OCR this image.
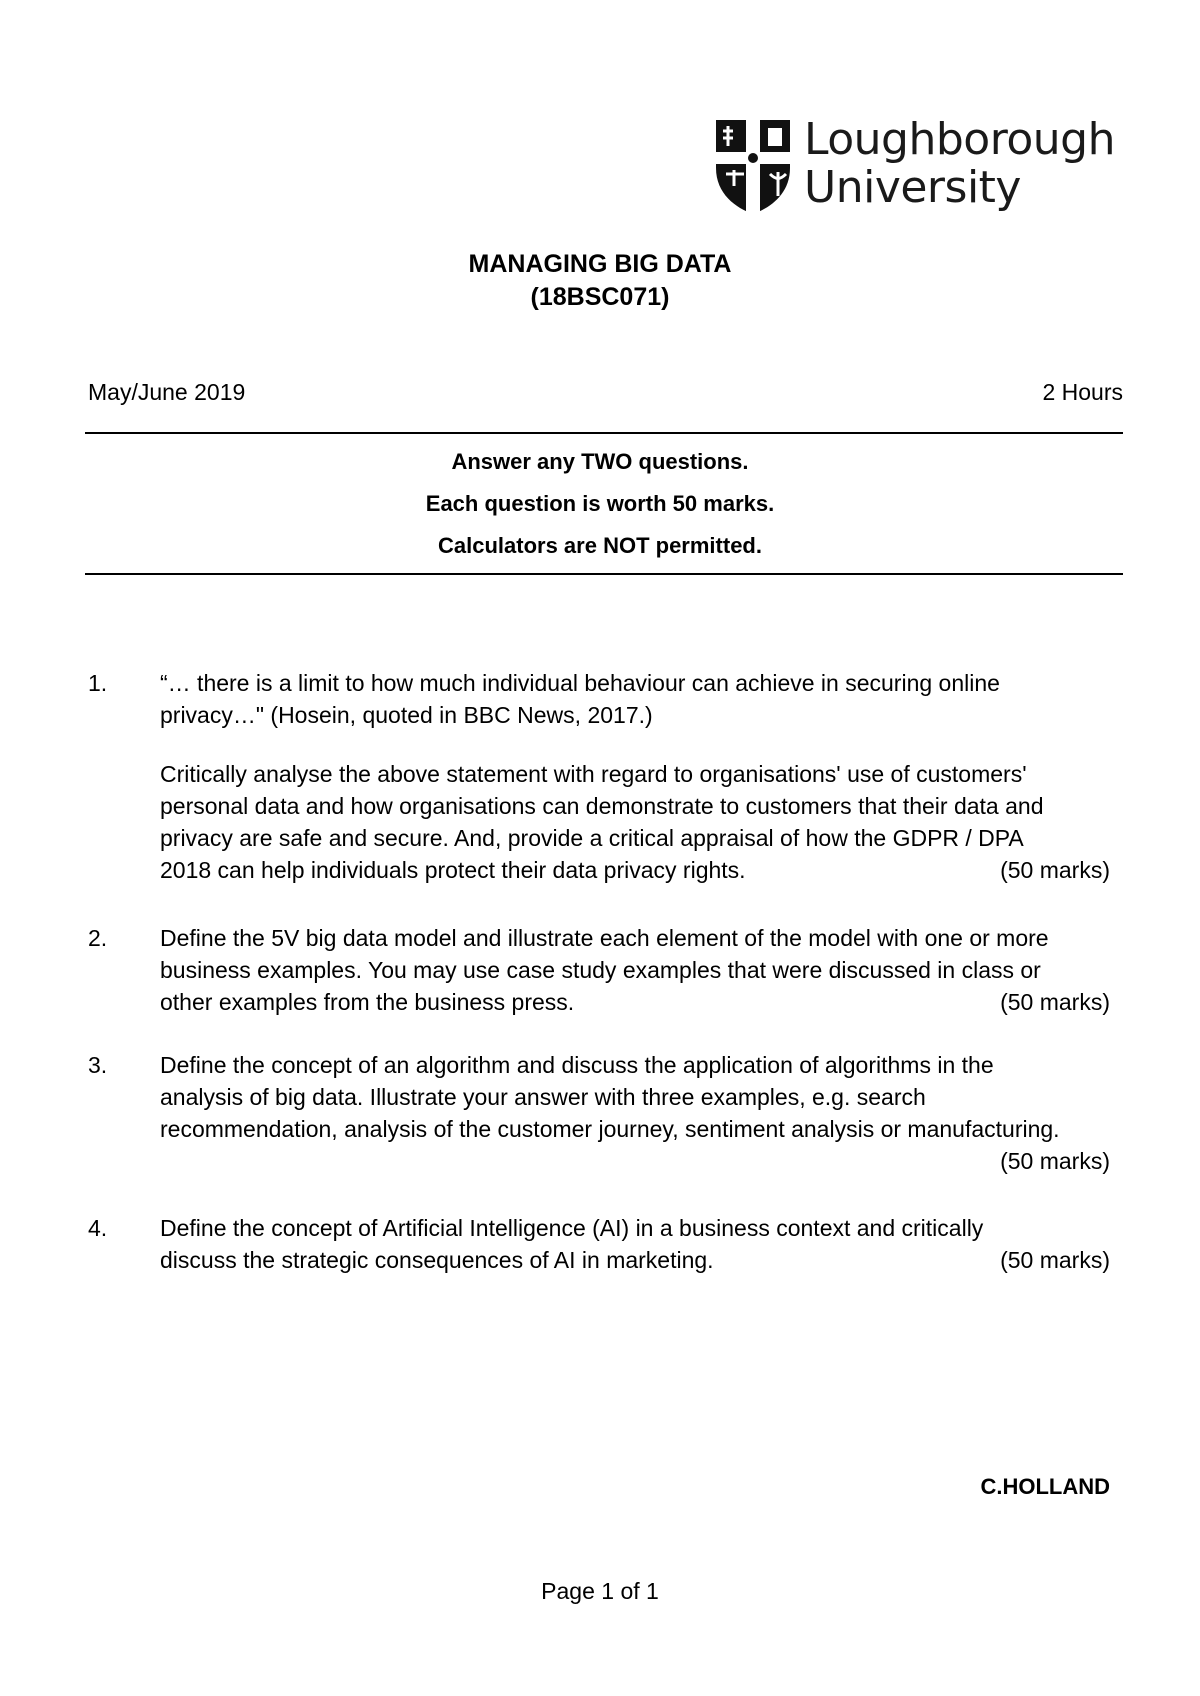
Loughborough
University
MANAGING BIG DATA
(18BSC071)
May/June 2019	2 Hours
Answer any TWO questions.
Each question is worth 50 marks.
Calculators are NOT permitted.
1. “… there is a limit to how much individual behaviour can achieve in securing online
privacy…" (Hosein, quoted in BBC News, 2017.)

Critically analyse the above statement with regard to organisations' use of customers'
personal data and how organisations can demonstrate to customers that their data and
privacy are safe and secure. And, provide a critical appraisal of how the GDPR / DPA
2018 can help individuals protect their data privacy rights.	(50 marks)

2. Define the 5V big data model and illustrate each element of the model with one or more
business examples. You may use case study examples that were discussed in class or
other examples from the business press.	(50 marks)

3. Define the concept of an algorithm and discuss the application of algorithms in the
analysis of big data. Illustrate your answer with three examples, e.g. search
recommendation, analysis of the customer journey, sentiment analysis or manufacturing.

(50 marks)

4. Define the concept of Artificial Intelligence (AI) in a business context and critically
discuss the strategic consequences of AI in marketing.	(50 marks)

C.HOLLAND
Page 1 of 1
